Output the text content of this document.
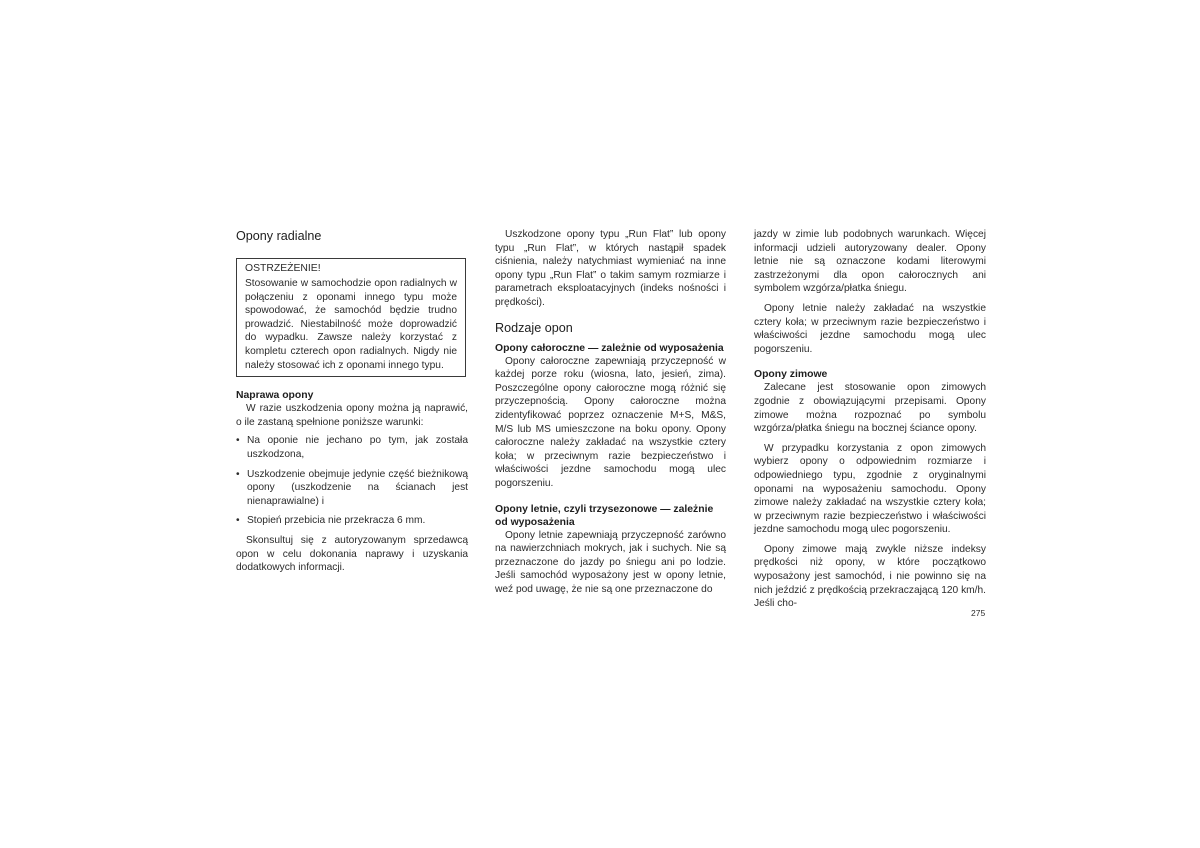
Opony radialne
OSTRZEŻENIE!

Stosowanie w samochodzie opon radialnych w połączeniu z oponami innego typu może spowodować, że samochód będzie trudno prowadzić. Niestabilność może doprowadzić do wypadku. Zawsze należy korzystać z kompletu czterech opon radialnych. Nigdy nie należy stosować ich z oponami innego typu.

Naprawa opony

W razie uszkodzenia opony można ją naprawić, o ile zastaną spełnione poniższe warunki:

• Na oponie nie jechano po tym, jak została uszkodzona,
• Uszkodzenie obejmuje jedynie część bieżnikową opony (uszkodzenie na ścianach jest nienaprawialne) i
• Stopień przebicia nie przekracza 6 mm.

Skonsultuj się z autoryzowanym sprzedawcą opon w celu dokonania naprawy i uzyskania dodatkowych informacji.

Uszkodzone opony typu „Run Flat” lub opony typu „Run Flat”, w których nastąpił spadek ciśnienia, należy natychmiast wymieniać na inne opony typu „Run Flat” o takim samym rozmiarze i parametrach eksploatacyjnych (indeks nośności i prędkości).

Rodzaje opon
Opony całoroczne — zależnie od wyposażenia

Opony całoroczne zapewniają przyczepność w każdej porze roku (wiosna, lato, jesień, zima). Poszczególne opony całoroczne mogą różnić się przyczepnością. Opony całoroczne można zidentyfikować poprzez oznaczenie M+S, M&S, M/S lub MS umieszczone na boku opony. Opony całoroczne należy zakładać na wszystkie cztery koła; w przeciwnym razie bezpieczeństwo i właściwości jezdne samochodu mogą ulec pogorszeniu.

Opony letnie, czyli trzysezonowe — zależnie od wyposażenia

Opony letnie zapewniają przyczepność zarówno na nawierzchniach mokrych, jak i suchych. Nie są przeznaczone do jazdy po śniegu ani po lodzie. Jeśli samochód wyposażony jest w opony letnie, weź pod uwagę, że nie są one przeznaczone do

jazdy w zimie lub podobnych warunkach. Więcej informacji udzieli autoryzowany dealer. Opony letnie nie są oznaczone kodami literowymi zastrzeżonymi dla opon całorocznych ani symbolem wzgórza/płatka śniegu.

Opony letnie należy zakładać na wszystkie cztery koła; w przeciwnym razie bezpieczeństwo i właściwości jezdne samochodu mogą ulec pogorszeniu.

Opony zimowe

Zalecane jest stosowanie opon zimowych zgodnie z obowiązującymi przepisami. Opony zimowe można rozpoznać po symbolu wzgórza/płatka śniegu na bocznej ściance opony.

W przypadku korzystania z opon zimowych wybierz opony o odpowiednim rozmiarze i odpowiedniego typu, zgodnie z oryginalnymi oponami na wyposażeniu samochodu. Opony zimowe należy zakładać na wszystkie cztery koła; w przeciwnym razie bezpieczeństwo i właściwości jezdne samochodu mogą ulec pogorszeniu.

Opony zimowe mają zwykle niższe indeksy prędkości niż opony, w które początkowo wyposażony jest samochód, i nie powinno się na nich jeździć z prędkością przekraczającą 120 km/h. Jeśli cho-

275
